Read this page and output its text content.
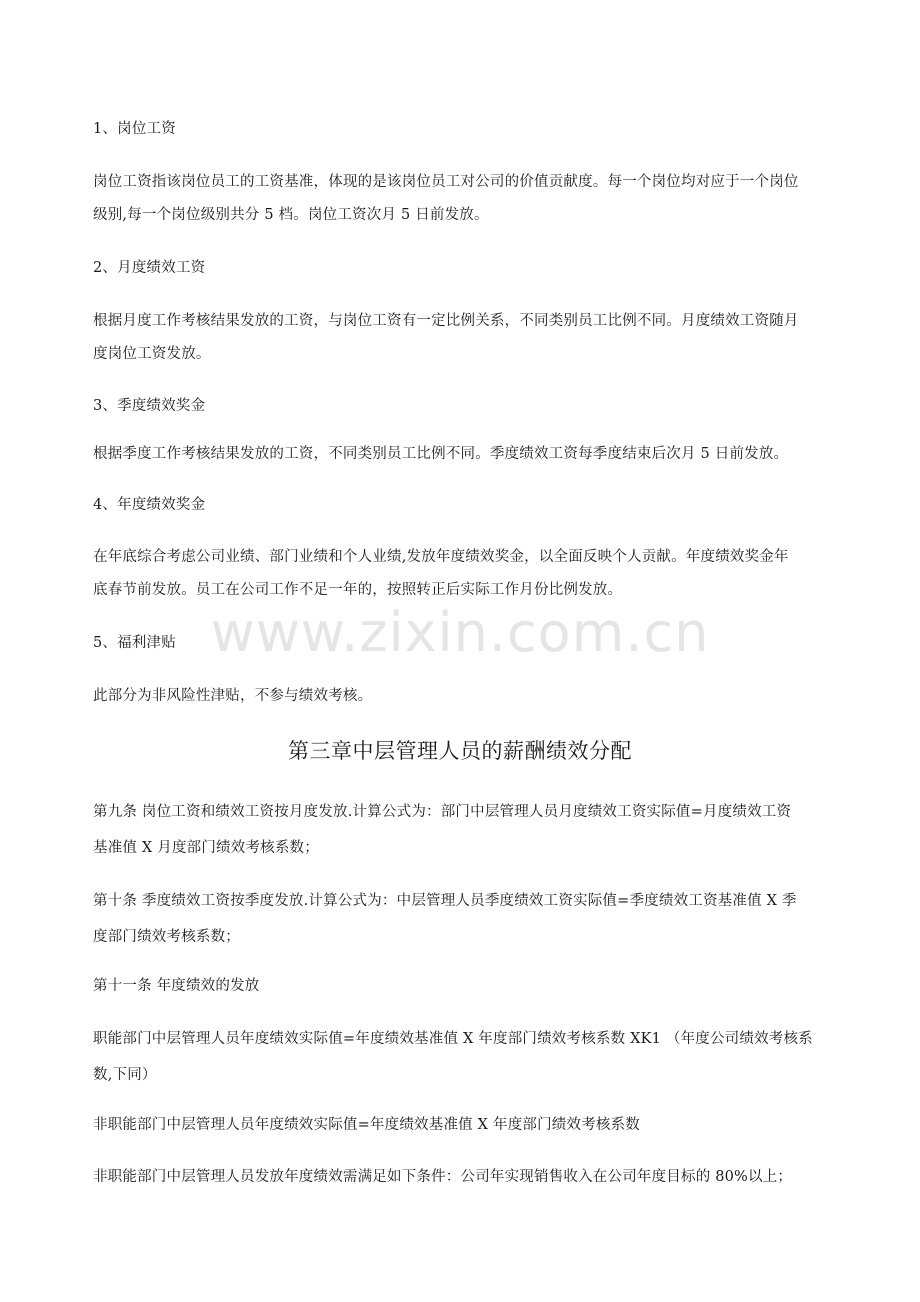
1、岗位工资
岗位工资指该岗位员工的工资基准，体现的是该岗位员工对公司的价值贡献度。每一个岗位均对应于一个岗位
级别,每一个岗位级别共分 5 档。岗位工资次月 5 日前发放。
2、月度绩效工资
根据月度工作考核结果发放的工资，与岗位工资有一定比例关系，不同类别员工比例不同。月度绩效工资随月
度岗位工资发放。
3、季度绩效奖金
根据季度工作考核结果发放的工资，不同类别员工比例不同。季度绩效工资每季度结束后次月 5 日前发放。
4、年度绩效奖金
在年底综合考虑公司业绩、部门业绩和个人业绩,发放年度绩效奖金，以全面反映个人贡献。年度绩效奖金年
底春节前发放。员工在公司工作不足一年的，按照转正后实际工作月份比例发放。
5、福利津贴
此部分为非风险性津贴，不参与绩效考核。
第三章中层管理人员的薪酬绩效分配
第九条 岗位工资和绩效工资按月度发放.计算公式为：部门中层管理人员月度绩效工资实际值=月度绩效工资
基准值 X 月度部门绩效考核系数；
第十条 季度绩效工资按季度发放.计算公式为：中层管理人员季度绩效工资实际值=季度绩效工资基准值 X 季
度部门绩效考核系数；
第十一条 年度绩效的发放
职能部门中层管理人员年度绩效实际值=年度绩效基准值 X 年度部门绩效考核系数 XK1 （年度公司绩效考核系
数,下同）
非职能部门中层管理人员年度绩效实际值=年度绩效基准值 X 年度部门绩效考核系数
非职能部门中层管理人员发放年度绩效需满足如下条件：公司年实现销售收入在公司年度目标的 80%以上；
www.zixin.com.cn
